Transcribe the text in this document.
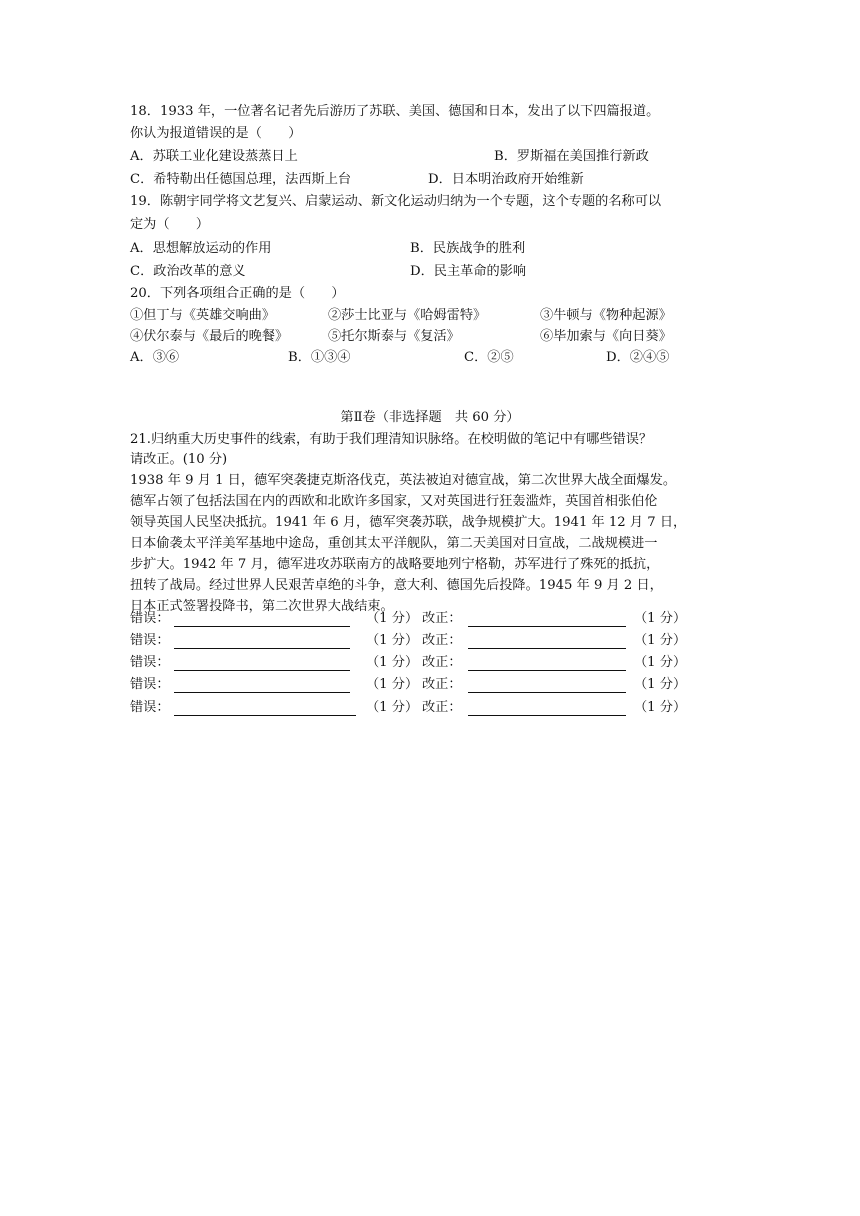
18．1933 年，一位著名记者先后游历了苏联、美国、德国和日本，发出了以下四篇报道。
你认为报道错误的是（　　）
A．苏联工业化建设蒸蒸日上	B．罗斯福在美国推行新政
C．希特勒出任德国总理，法西斯上台	D．日本明治政府开始维新
19．陈朝宇同学将文艺复兴、启蒙运动、新文化运动归纳为一个专题，这个专题的名称可以
定为（　　）
A．思想解放运动的作用	B．民族战争的胜利
C．政治改革的意义	D．民主革命的影响
20．下列各项组合正确的是（　　）
①但丁与《英雄交响曲》	②莎士比亚与《哈姆雷特》	③牛顿与《物种起源》
④伏尔泰与《最后的晚餐》	⑤托尔斯泰与《复活》	⑥毕加索与《向日葵》
A．③⑥	B．①③④	C．②⑤	D．②④⑤
第Ⅱ卷（非选择题　共 60 分）
21.归纳重大历史事件的线索，有助于我们理清知识脉络。在校明做的笔记中有哪些错误？
请改正。(10 分)
1938 年 9 月 1 日，德军突袭捷克斯洛伐克，英法被迫对德宣战，第二次世界大战全面爆发。
德军占领了包括法国在内的西欧和北欧许多国家，又对英国进行狂轰滥炸，英国首相张伯伦
领导英国人民坚决抵抗。1941 年 6 月，德军突袭苏联，战争规模扩大。1941 年 12 月 7 日，
日本偷袭太平洋美军基地中途岛，重创其太平洋舰队，第二天美国对日宣战，二战规模进一
步扩大。1942 年 7 月，德军进攻苏联南方的战略要地列宁格勒，苏军进行了殊死的抵抗，
扭转了战局。经过世界人民艰苦卓绝的斗争，意大利、德国先后投降。1945 年 9 月 2 日，
日本正式签署投降书，第二次世界大战结束。
错误：	（1 分） 改正：	（1 分）
错误：	（1 分） 改正：	（1 分）
错误：	（1 分） 改正：	（1 分）
错误：	（1 分） 改正：	（1 分）
错误：	（1 分） 改正：	（1 分）
